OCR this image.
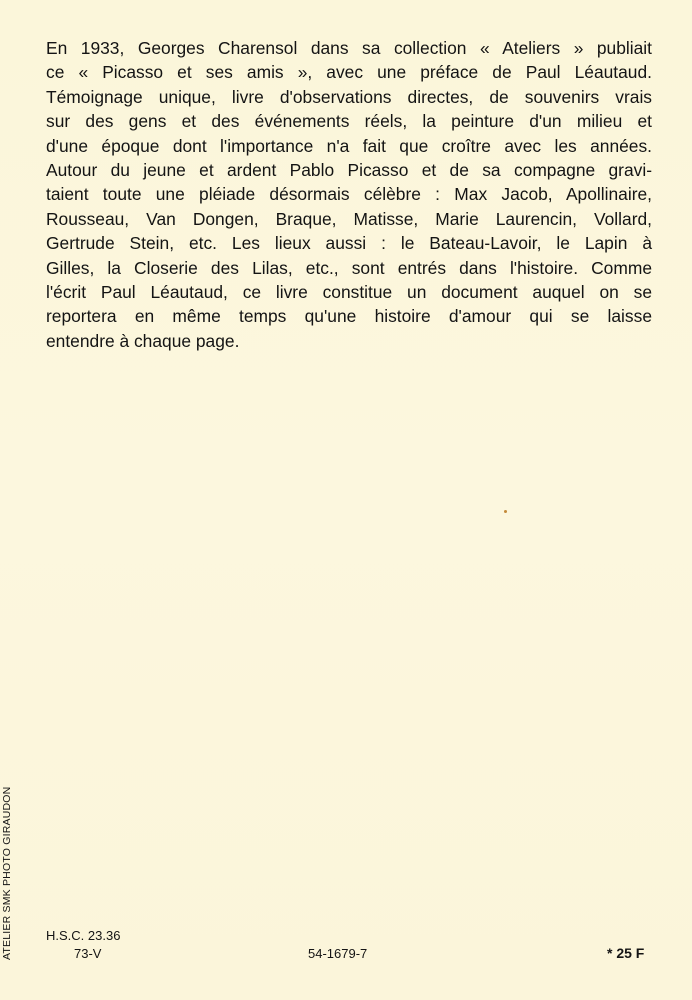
En 1933, Georges Charensol dans sa collection « Ateliers » publiait
ce « Picasso et ses amis », avec une préface de Paul Léautaud.
Témoignage unique, livre d'observations directes, de souvenirs vrais
sur des gens et des événements réels, la peinture d'un milieu et
d'une époque dont l'importance n'a fait que croître avec les années.
Autour du jeune et ardent Pablo Picasso et de sa compagne gravi-
taient toute une pléiade désormais célèbre : Max Jacob, Apollinaire,
Rousseau, Van Dongen, Braque, Matisse, Marie Laurencin, Vollard,
Gertrude Stein, etc. Les lieux aussi : le Bateau-Lavoir, le Lapin à
Gilles, la Closerie des Lilas, etc., sont entrés dans l'histoire. Comme
l'écrit Paul Léautaud, ce livre constitue un document auquel on se
reportera en même temps qu'une histoire d'amour qui se laisse
entendre à chaque page.
ATELIER SMK PHOTO GIRAUDON	H.S.C. 23.36
73-V	54-1679-7	* 25 F
